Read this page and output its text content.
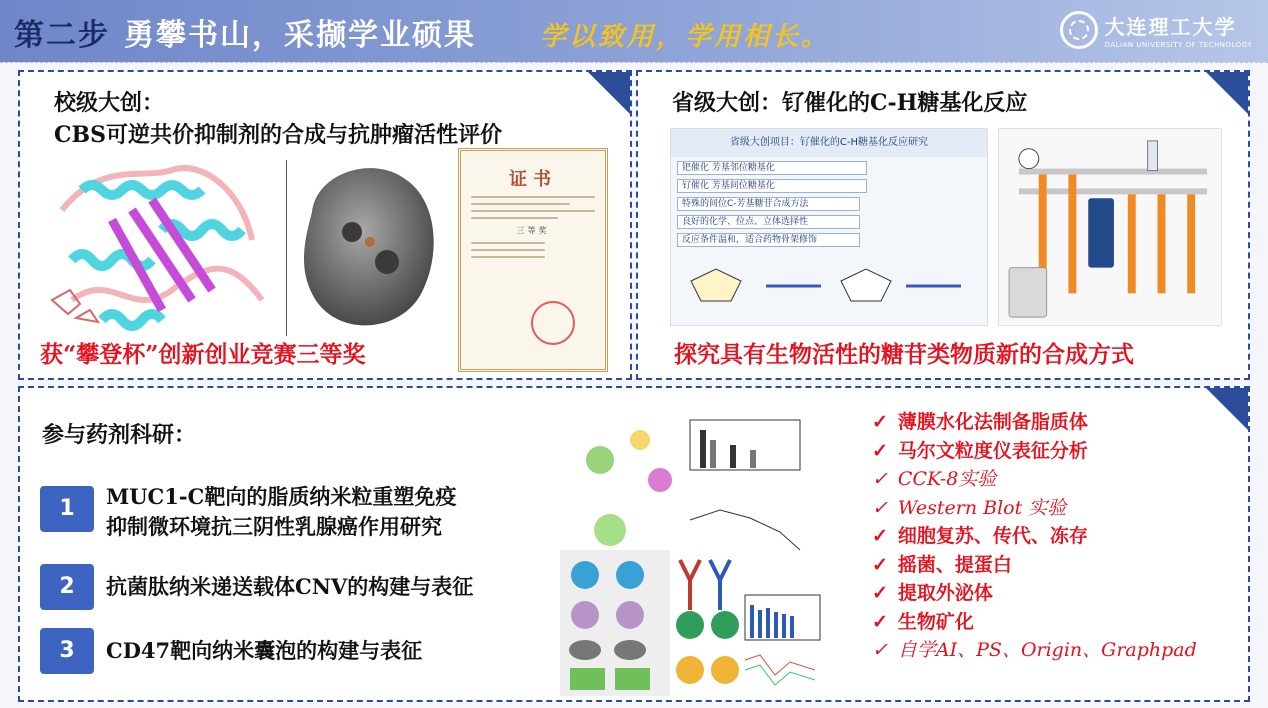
第二步 勇攀书山，采撷学业硕果 学以致用，学用相长。	大连理工大学
DALIAN UNIVERSITY OF TECHNOLOGY
校级大创：
CBS可逆共价抑制剂的合成与抗肿瘤活性评价
证书
三等奖
获“攀登杯”创新创业竞赛三等奖
省级大创：钌催化的C-H糖基化反应
省级大创项目：钌催化的C-H糖基化反应研究
钯催化 芳基邻位糖基化
钌催化 芳基间位糖基化
特殊的间位C-芳基糖苷合成方法
良好的化学、位点、立体选择性
反应条件温和，适合药物骨架修饰
探究具有生物活性的糖苷类物质新的合成方式
参与药剂科研：
1	MUC1-C靶向的脂质纳米粒重塑免疫
抑制微环境抗三阴性乳腺癌作用研究
2	抗菌肽纳米递送载体CNV的构建与表征
3	CD47靶向纳米囊泡的构建与表征
✓ 薄膜水化法制备脂质体
✓ 马尔文粒度仪表征分析
✓ CCK-8实验
✓ Western Blot 实验
✓ 细胞复苏、传代、冻存
✓ 摇菌、提蛋白
✓ 提取外泌体
✓ 生物矿化
✓ 自学AI、PS、Origin、Graphpad
